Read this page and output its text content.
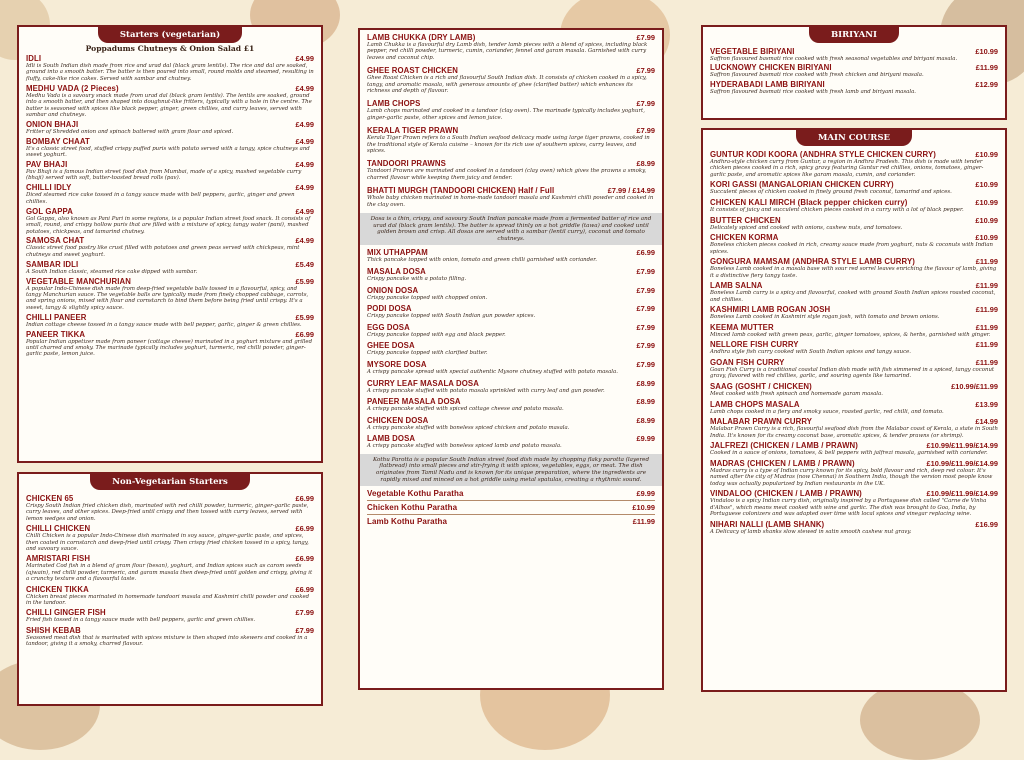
Starters (vegetarian)
Poppadums Chutneys & Onion Salad £1
IDLI	£4.99
Idli is South Indian dish made from rice and urad dal (black gram lentils). The rice and dal are soaked, ground into a smooth batter. The batter is then poured into small, round molds and steamed, resulting in fluffy, cake-like rice cakes. Served with sambar and chutney.
MEDHU VADA (2 Pieces)	£4.99
Medhu Vada is a savoury snack made from urad dal (black gram lentils). The lentils are soaked, ground into a smooth batter, and then shaped into doughnut-like fritters, typically with a hole in the centre. The batter is seasoned with spices like black pepper, ginger, green chillies, and curry leaves, served with sambar and chutneys.
ONION BHAJI	£4.99
Fritter of Shredded onion and spinach battered with gram flour and spiced.
BOMBAY CHAAT	£4.99
It's a classic street food, stuffed crispy puffed puris with potato served with a tangy, spice chutneys and sweet yoghurt.
PAV BHAJI	£4.99
Pav Bhaji is a famous Indian street food dish from Mumbai, made of a spicy, mashed vegetable curry (bhaji) served with soft, butter-toasted bread rolls (pav).
CHILLI IDLY	£4.99
Diced steamed rice cake tossed in a tangy sauce made with bell peppers, garlic, ginger and green chillies.
GOL GAPPA	£4.99
Gol Gappa, also known as Pani Puri in some regions, is a popular Indian street food snack. It consists of small, round, and crispy hollow puris that are filled with a mixture of spicy, tangy water (pani), mashed potatoes, chickpeas, and tamarind chutney.
SAMOSA CHAT	£4.99
Classic street food pastry like crust filled with potatoes and green peas served with chickpeas, mint chutneys and sweet yoghurt.
SAMBAR IDLI	£5.49
A South Indian classic, steamed rice cake dipped with sambar.
VEGETABLE MANCHURIAN	£5.99
A popular Indo-Chinese dish made from deep-fried vegetable balls tossed in a flavourful, spicy, and tangy Manchurian sauce. The vegetable balls are typically made from finely chopped cabbage, carrots, and spring onions, mixed with flour and cornstarch to bind them before being fried until crispy. It's a sweet, tangy & slightly spicy sauce.
CHILLI PANEER	£5.99
Indian cottage cheese tossed in a tangy sauce made with bell pepper, garlic, ginger & green chillies.
PANEER TIKKA	£6.99
Popular Indian appetizer made from paneer (cottage cheese) marinated in a yoghurt mixture and grilled until charred and smoky. The marinade typically includes yoghurt, turmeric, red chilli powder, ginger-garlic paste, lemon juice.
Non-Vegetarian Starters
CHICKEN 65	£6.99
Crispy South Indian fried chicken dish, marinated with red chilli powder, turmeric, ginger-garlic paste, curry leaves, and other spices. Deep-fried until crispy and then tossed with curry leaves, served with lemon wedges and onion.
CHILLI CHICKEN	£6.99
Chilli Chicken is a popular Indo-Chinese dish marinated in soy sauce, ginger-garlic paste, and spices, then coated in cornstarch and deep-fried until crispy. Then crispy fried chicken tossed in a spicy, tangy, and savoury sauce.
AMRISTARI FISH	£6.99
Marinated Cod fish in a blend of gram flour (besan), yoghurt, and Indian spices such as carom seeds (ajwain), red chilli powder, turmeric, and garam masala then deep-fried until golden and crispy, giving it a crunchy texture and a flavourful taste.
CHICKEN TIKKA	£6.99
Chicken breast pieces marinated in homemade tandoori masala and Kashmiri chilli powder and cooked in the tandoor.
CHILLI GINGER FISH	£7.99
Fried fish tossed in a tangy sauce made with bell peppers, garlic and green chillies.
SHISH KEBAB	£7.99
Seasoned meat dish that is marinated with spices mixture is then shaped into skewers and cooked in a tandoor, giving it a smoky, charred flavour.
LAMB CHUKKA (DRY LAMB)	£7.99
Lamb Chukka is a flavourful dry Lamb dish, tender lamb pieces with a blend of spices, including black pepper, red chilli powder, turmeric, cumin, coriander, fennel and garam masala. Garnished with curry leaves and coconut chip.
GHEE ROAST CHICKEN	£7.99
Ghee Roast Chicken is a rich and flavourful South Indian dish. It consists of chicken cooked in a spicy, tangy, and aromatic masala, with generous amounts of ghee (clarified butter) which enhances its richness and depth of flavour.
LAMB CHOPS	£7.99
Lamb chops marinated and cooked in a tandoor (clay oven). The marinade typically includes yoghurt, ginger-garlic paste, other spices and lemon juice.
KERALA TIGER PRAWN	£7.99
Kerala Tiger Prawn refers to a South Indian seafood delicacy made using large tiger prawns, cooked in the traditional style of Kerala cuisine – known for its rich use of southern spices, curry leaves, and spices.
TANDOORI PRAWNS	£8.99
Tandoori Prawns are marinated and cooked in a tandoori (clay oven) which gives the prawns a smoky, charred flavour while keeping them juicy and tender.
BHATTI MURGH (TANDOORI CHICKEN) Half / Full	£7.99 / £14.99
Whole baby chicken marinated in home-made tandoori masala and Kashmiri chilli powder and cooked in the clay oven.
Dosa is a thin, crispy, and savoury South Indian pancake made from a fermented batter of rice and urad dal (black gram lentils). The batter is spread thinly on a hot griddle (tawa) and cooked until golden brown and crisp. All dosas are served with a sambar (lentil curry), coconut and tomato chutneys.
MIX UTHAPPAM	£6.99
Thick pancake topped with onion, tomato and green chilli garnished with coriander.
MASALA DOSA	£7.99
Crispy pancake with a potato filling.
ONION DOSA	£7.99
Crispy pancake topped with chopped onion.
PODI DOSA	£7.99
Crispy pancake topped with South Indian gun powder spices.
EGG DOSA	£7.99
Crispy pancake topped with egg and black pepper.
GHEE DOSA	£7.99
Crispy pancake topped with clarified butter.
MYSORE DOSA	£7.99
A crispy pancake spread with special authentic Mysore chutney stuffed with potato masala.
CURRY LEAF MASALA DOSA	£8.99
A crispy pancake stuffed with potato masala sprinkled with curry leaf and gun powder.
PANEER MASALA DOSA	£8.99
A crispy pancake stuffed with spiced cottage cheese and potato masala.
CHICKEN DOSA	£8.99
A crispy pancake stuffed with boneless spiced chicken and potato masala.
LAMB DOSA	£9.99
A crispy pancake stuffed with boneless spiced lamb and potato masala.
Kothu Parotta is a popular South Indian street food dish made by chopping flaky parotta (layered flatbread) into small pieces and stir-frying it with spices, vegetables, eggs, or meat. The dish originates from Tamil Nadu and is known for its unique preparation, where the ingredients are rapidly mixed and minced on a hot griddle using metal spatulas, creating a rhythmic sound.
Vegetable Kothu Paratha	£9.99
Chicken Kothu Paratha	£10.99
Lamb Kothu Paratha	£11.99
BIRIYANI
VEGETABLE BIRIYANI	£10.99
Saffron flavoured basmati rice cooked with fresh seasonal vegetables and biriyani masala.
LUCKNOWY CHICKEN BIRIYANI	£11.99
Saffron flavoured basmati rice cooked with fresh chicken and biriyani masala.
HYDERABADI LAMB BIRIYANI	£12.99
Saffron flavoured basmati rice cooked with fresh lamb and biriyani masala.
MAIN COURSE
GUNTUR KODI KOORA (ANDHRA STYLE CHICKEN CURRY)	£10.99
Andhra-style chicken curry from Guntur, a region in Andhra Pradesh. This dish is made with tender chicken pieces cooked in a rich, spicy gravy featuring Guntur red chillies, onions, tomatoes, ginger-garlic paste, and aromatic spices like garam masala, cumin, and coriander.
KORI GASSI (MANGALORIAN CHICKEN CURRY)	£10.99
Succulent pieces of chicken cooked in finely ground fresh coconut, tamarind and spices.
CHICKEN KALI MIRCH (Black pepper chicken curry)	£10.99
It consists of juicy and succulent chicken pieces cooked in a curry with a lot of black pepper.
BUTTER CHICKEN	£10.99
Delicately spiced and cooked with onions, cashew nuts, and tomatoes.
CHICKEN KORMA	£10.99
Boneless chicken pieces cooked in rich, creamy sauce made from yoghurt, nuts & coconuts with Indian spices.
GONGURA MAMSAM (ANDHRA STYLE LAMB CURRY)	£11.99
Boneless Lamb cooked in a masala base with sour red sorrel leaves enriching the flavour of lamb, giving it a distinctive fiery tangy taste.
LAMB SALNA	£11.99
Boneless Lamb curry is a spicy and flavourful, cooked with ground South Indian spices roasted coconut, and chillies.
KASHMIRI LAMB ROGAN JOSH	£11.99
Boneless Lamb cooked in Kashmiri style rogan josh, with tomato and brown onions.
KEEMA MUTTER	£11.99
Minced lamb cooked with green peas, garlic, ginger tomatoes, spices, & herbs, garnished with ginger.
NELLORE FISH CURRY	£11.99
Andhra style fish curry cooked with South Indian spices and tangy sauce.
GOAN FISH CURRY	£11.99
Goan Fish Curry is a traditional coastal Indian dish made with fish simmered in a spiced, tangy coconut gravy, flavored with red chillies, garlic, and souring agents like tamarind.
SAAG (GOSHT / CHICKEN)	£10.99/£11.99
Meat cooked with fresh spinach and homemade garam masala.
LAMB CHOPS MASALA	£13.99
Lamb chops cooked in a fiery and smoky sauce, roasted garlic, red chilli, and tomato.
MALABAR PRAWN CURRY	£14.99
Malabar Prawn Curry is a rich, flavourful seafood dish from the Malabar coast of Kerala, a state in South India. It's known for its creamy coconut base, aromatic spices, & tender prawns (or shrimp).
JALFREZI (CHICKEN / LAMB / PRAWN)	£10.99/£11.99/£14.99
Cooked in a sauce of onions, tomatoes, & bell peppers with jalfrezi masala, garnished with coriander.
MADRAS (CHICKEN / LAMB / PRAWN)	£10.99/£11.99/£14.99
Madras curry is a type of Indian curry known for its spicy, bold flavour and rich, deep red colour. It's named after the city of Madras (now Chennai) in Southern India, though the version most people know today was actually popularized by Indian restaurants in the UK.
VINDALOO (CHICKEN / LAMB / PRAWN)	£10.99/£11.99/£14.99
Vindaloo is a spicy Indian curry dish, originally inspired by a Portuguese dish called "Carne de Vinha d'Alhos", which means meat cooked with wine and garlic. The dish was brought to Goa, India, by Portuguese colonizers and was adapted over time with local spices and vinegar replacing wine.
NIHARI NALLI (LAMB SHANK)	£16.99
A Delicacy of lamb shanks slow stewed in satin smooth cashew nut gravy.
